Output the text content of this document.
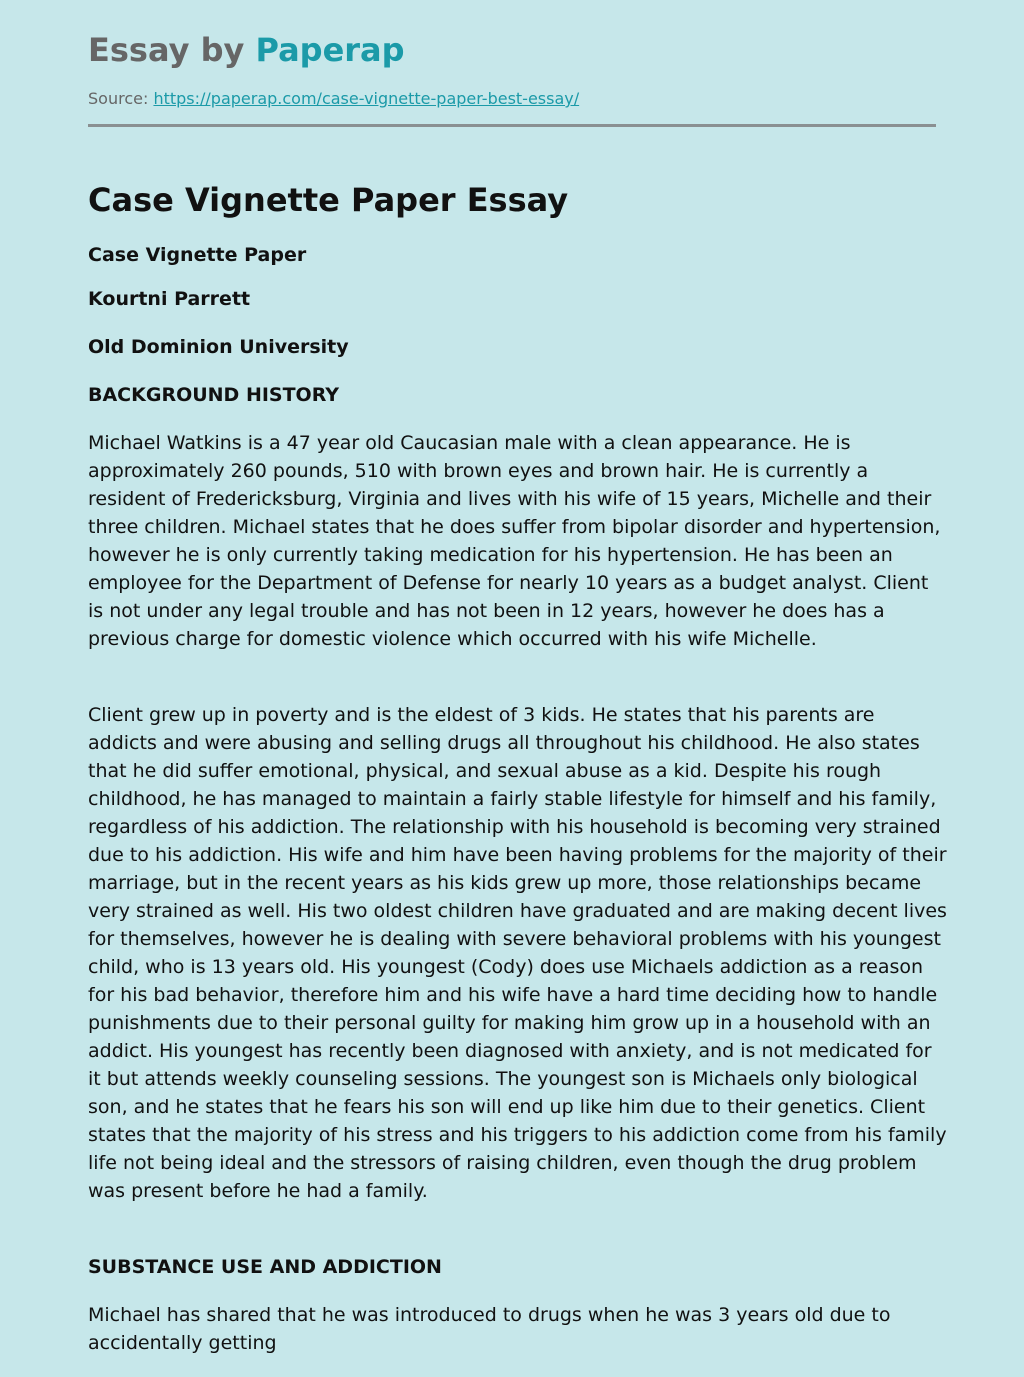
Essay by Paperap
Source: https://paperap.com/case-vignette-paper-best-essay/
Case Vignette Paper Essay

Case Vignette Paper

Kourtni Parrett

Old Dominion University

BACKGROUND HISTORY

Michael Watkins is a 47 year old Caucasian male with a clean appearance. He is approximately 260 pounds, 510 with brown eyes and brown hair. He is currently a resident of Fredericksburg, Virginia and lives with his wife of 15 years, Michelle and their three children. Michael states that he does suffer from bipolar disorder and hypertension, however he is only currently taking medication for his hypertension. He has been an employee for the Department of Defense for nearly 10 years as a budget analyst. Client is not under any legal trouble and has not been in 12 years, however he does has a previous charge for domestic violence which occurred with his wife Michelle.

Client grew up in poverty and is the eldest of 3 kids. He states that his parents are addicts and were abusing and selling drugs all throughout his childhood. He also states that he did suffer emotional, physical, and sexual abuse as a kid. Despite his rough childhood, he has managed to maintain a fairly stable lifestyle for himself and his family, regardless of his addiction. The relationship with his household is becoming very strained due to his addiction. His wife and him have been having problems for the majority of their marriage, but in the recent years as his kids grew up more, those relationships became very strained as well. His two oldest children have graduated and are making decent lives for themselves, however he is dealing with severe behavioral problems with his youngest child, who is 13 years old. His youngest (Cody) does use Michaels addiction as a reason for his bad behavior, therefore him and his wife have a hard time deciding how to handle punishments due to their personal guilty for making him grow up in a household with an addict. His youngest has recently been diagnosed with anxiety, and is not medicated for it but attends weekly counseling sessions. The youngest son is Michaels only biological son, and he states that he fears his son will end up like him due to their genetics. Client states that the majority of his stress and his triggers to his addiction come from his family life not being ideal and the stressors of raising children, even though the drug problem was present before he had a family.

SUBSTANCE USE AND ADDICTION

Michael has shared that he was introduced to drugs when he was 3 years old due to accidentally getting
